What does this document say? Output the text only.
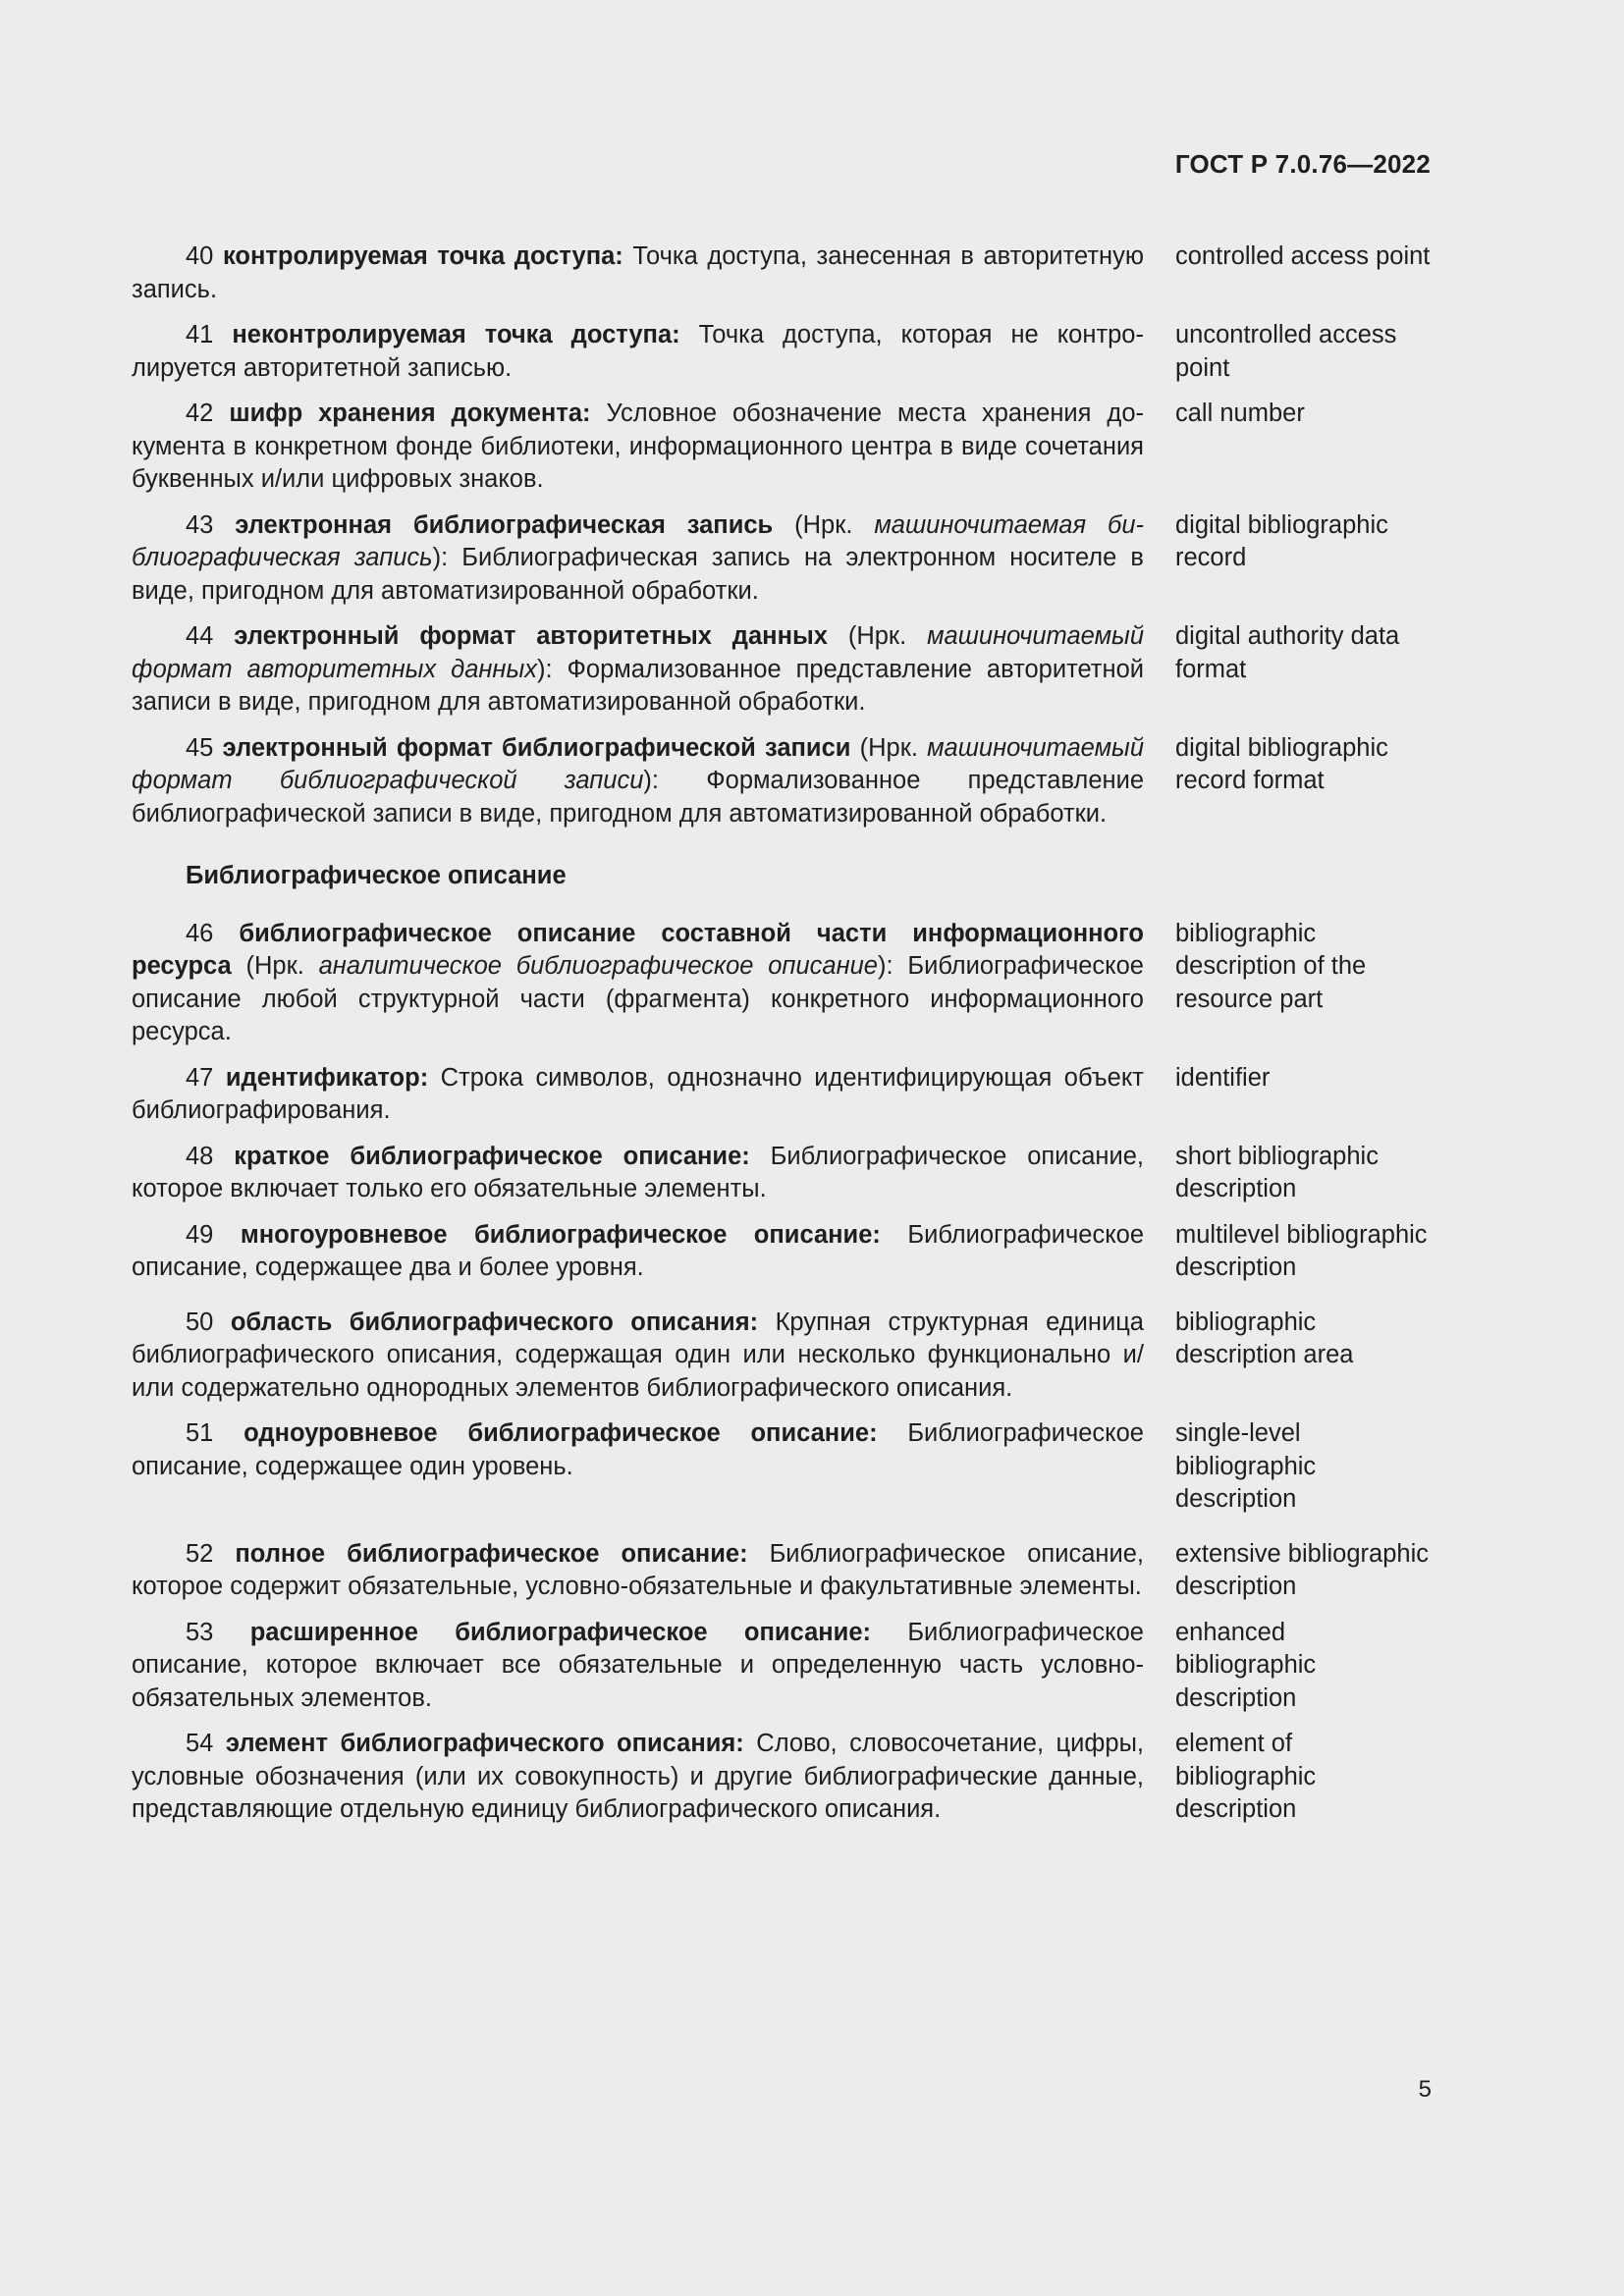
ГОСТ Р 7.0.76—2022
40 контролируемая точка доступа: Точка доступа, занесенная в авторитетную запись.
controlled access point
41 неконтролируемая точка доступа: Точка доступа, которая не контролируется авторитетной записью.
uncontrolled access point
42 шифр хранения документа: Условное обозначение места хранения документа в конкретном фонде библиотеки, информационного центра в виде сочетания буквенных и/или цифровых знаков.
call number
43 электронная библиографическая запись (Нрк. машиночитаемая библиографическая запись): Библиографическая запись на электронном носителе в виде, пригодном для автоматизированной обработки.
digital bibliographic record
44 электронный формат авторитетных данных (Нрк. машиночитаемый формат авторитетных данных): Формализованное представление авторитетной записи в виде, пригодном для автоматизированной обработки.
digital authority data format
45 электронный формат библиографической записи (Нрк. машиночитаемый формат библиографической записи): Формализованное представление библиографической записи в виде, пригодном для автоматизированной обработки.
digital bibliographic record format
Библиографическое описание
46 библиографическое описание составной части информационного ресурса (Нрк. аналитическое библиографическое описание): Библиографическое описание любой структурной части (фрагмента) конкретного информационного ресурса.
bibliographic description of the resource part
47 идентификатор: Строка символов, однозначно идентифицирующая объект библиографирования.
identifier
48 краткое библиографическое описание: Библиографическое описание, которое включает только его обязательные элементы.
short bibliographic description
49 многоуровневое библиографическое описание: Библиографическое описание, содержащее два и более уровня.
multilevel bibliographic description
50 область библиографического описания: Крупная структурная единица библиографического описания, содержащая один или несколько функционально и/или содержательно однородных элементов библиографического описания.
bibliographic description area
51 одноуровневое библиографическое описание: Библиографическое описание, содержащее один уровень.
single-level bibliographic description
52 полное библиографическое описание: Библиографическое описание, которое содержит обязательные, условно-обязательные и факультативные элементы.
extensive bibliographic description
53 расширенное библиографическое описание: Библиографическое описание, которое включает все обязательные и определенную часть условно-обязательных элементов.
enhanced bibliographic description
54 элемент библиографического описания: Слово, словосочетание, цифры, условные обозначения (или их совокупность) и другие библиографические данные, представляющие отдельную единицу библиографического описания.
element of bibliographic description
5
